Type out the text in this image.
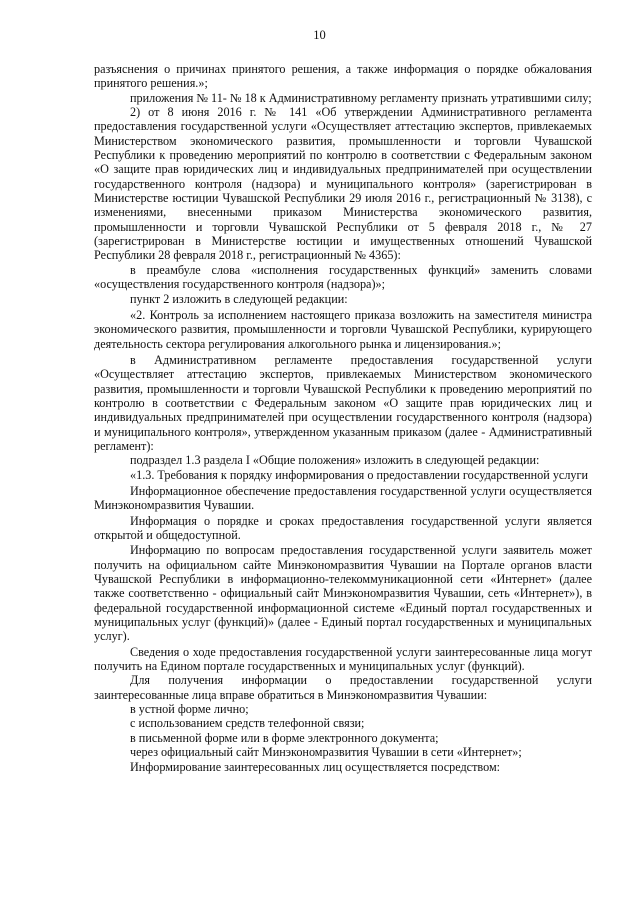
10

разъяснения о причинах принятого решения, а также информация о порядке обжалования принятого решения.»;

приложения № 11- № 18 к Административному регламенту признать утратившими силу;

2) от 8 июня 2016 г. № 141 «Об утверждении Административного регламента предоставления государственной услуги «Осуществляет аттестацию экспертов, привлекаемых Министерством экономического развития, промышленности и торговли Чувашской Республики к проведению мероприятий по контролю в соответствии с Федеральным законом «О защите прав юридических лиц и индивидуальных предпринимателей при осуществлении государственного контроля (надзора) и муниципального контроля» (зарегистрирован в Министерстве юстиции Чувашской Республики 29 июля 2016 г., регистрационный № 3138), с изменениями, внесенными приказом Министерства экономического развития, промышленности и торговли Чувашской Республики от 5 февраля 2018 г., № 27 (зарегистрирован в Министерстве юстиции и имущественных отношений Чувашской Республики 28 февраля 2018 г., регистрационный № 4365):

в преамбуле слова «исполнения государственных функций» заменить словами «осуществления государственного контроля (надзора)»;

пункт 2 изложить в следующей редакции:

«2. Контроль за исполнением настоящего приказа возложить на заместителя министра экономического развития, промышленности и торговли Чувашской Республики, курирующего деятельность сектора регулирования алкогольного рынка и лицензирования.»;

в Административном регламенте предоставления государственной услуги «Осуществляет аттестацию экспертов, привлекаемых Министерством экономического развития, промышленности и торговли Чувашской Республики к проведению мероприятий по контролю в соответствии с Федеральным законом «О защите прав юридических лиц и индивидуальных предпринимателей при осуществлении государственного контроля (надзора) и муниципального контроля», утвержденном указанным приказом (далее - Административный регламент):

подраздел 1.3 раздела I «Общие положения» изложить в следующей редакции:

«1.3. Требования к порядку информирования о предоставлении государственной услуги

Информационное обеспечение предоставления государственной услуги осуществляется Минэкономразвития Чувашии.

Информация о порядке и сроках предоставления государственной услуги является открытой и общедоступной.

Информацию по вопросам предоставления государственной услуги заявитель может получить на официальном сайте Минэкономразвития Чувашии на Портале органов власти Чувашской Республики в информационно-телекоммуникационной сети «Интернет» (далее также соответственно - официальный сайт Минэкономразвития Чувашии, сеть «Интернет»), в федеральной государственной информационной системе «Единый портал государственных и муниципальных услуг (функций)» (далее - Единый портал государственных и муниципальных услуг).

Сведения о ходе предоставления государственной услуги заинтересованные лица могут получить на Едином портале государственных и муниципальных услуг (функций).

Для получения информации о предоставлении государственной услуги заинтересованные лица вправе обратиться в Минэкономразвития Чувашии:

в устной форме лично;

с использованием средств телефонной связи;

в письменной форме или в форме электронного документа;

через официальный сайт Минэкономразвития Чувашии в сети «Интернет»;

Информирование заинтересованных лиц осуществляется посредством:
